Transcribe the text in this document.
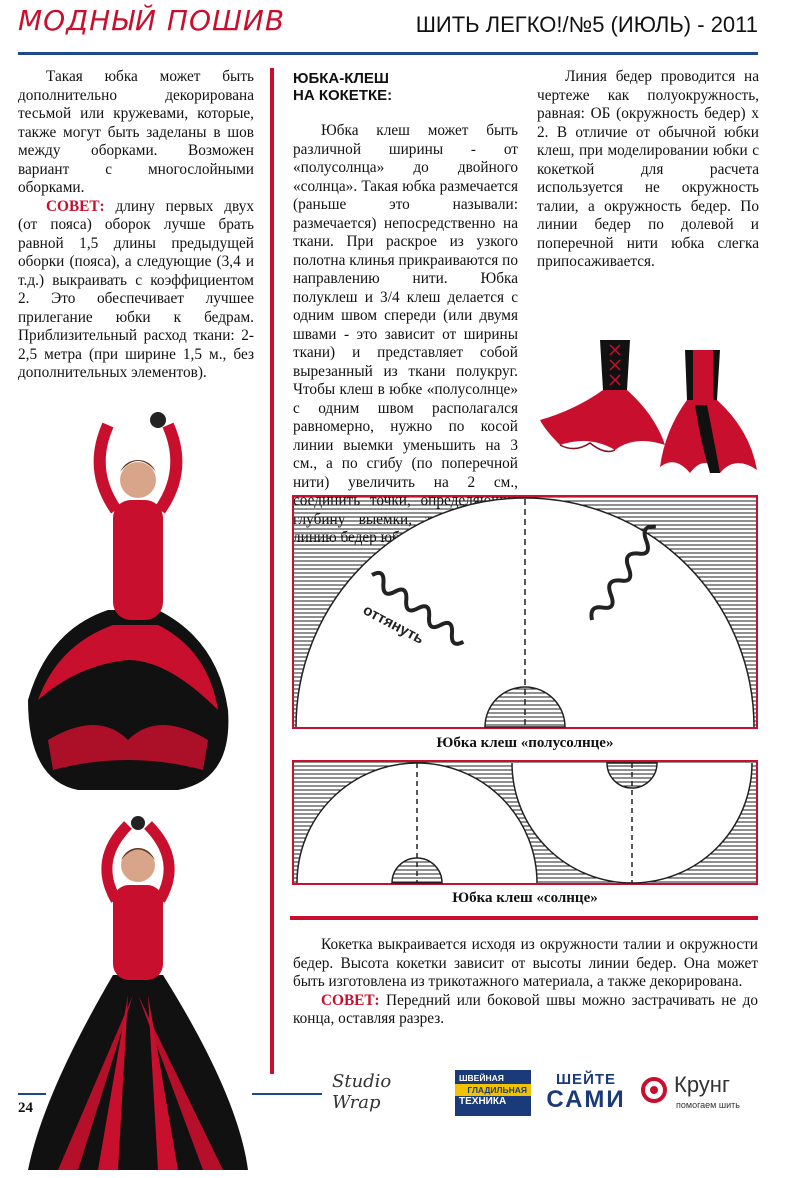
МОДНЫЙ ПОШИВ	ШИТЬ ЛЕГКО!/№5 (ИЮЛЬ) - 2011

Такая юбка может быть дополнительно декорирована тесьмой или кружевами, которые, также могут быть заделаны в шов между оборками. Возможен вариант с многослойными оборками.

СОВЕТ: длину первых двух (от пояса) оборок лучше брать равной 1,5 длины предыдущей оборки (пояса), а следующие (3,4 и т.д.) выкраивать с коэффициентом 2. Это обеспечивает лучшее прилегание юбки к бедрам. Приблизительный расход ткани: 2-2,5 метра (при ширине 1,5 м., без дополнительных элементов).

ЮБКА-КЛЕШ
НА КОКЕТКЕ:

Юбка клеш может быть различной ширины - от «полусолнца» до двойного «солнца». Такая юбка размечается (раньше это называли: размечается) непосредственно на ткани. При раскрое из узкого полотна клинья прикраиваются по направлению нити. Юбка полуклеш и 3/4 клеш делается с одним швом спереди (или двумя швами - это зависит от ширины ткани) и представляет собой вырезанный из ткани полукруг. Чтобы клеш в юбке «полусолнце» с одним швом располагался равномерно, нужно по косой линии выемки уменьшить на 3 см., а по сгибу (по поперечной нити) увеличить на 2 см.,

Линия бедер проводится на чертеже как полуокружность, равная: ОБ (окружность бедер) х 2. В отличие от обычной юбки клеш, при моделировании юбки с кокеткой для расчета используется не окружность талии, а окружность бедер. По линии бедер по долевой и поперечной нити юбка слегка припосаживается.

оттянуть
Юбка клеш «полусолнце»
Юбка клеш «солнце»

Кокетка выкраивается исходя из окружности талии и окружности бедер. Высота кокетки зависит от высоты линии бедер. Она может быть изготовлена из трикотажного материала, а также декорирована.

СОВЕТ: Передний или боковой швы можно застрачивать не до конца, оставляя разрез.

24
Studio Wrap
ШВЕЙНАЯ
ГЛАДИЛЬНАЯ
ТЕХНИКА
ШЕЙТЕ
САМИ
Крунг
помогаем шить
